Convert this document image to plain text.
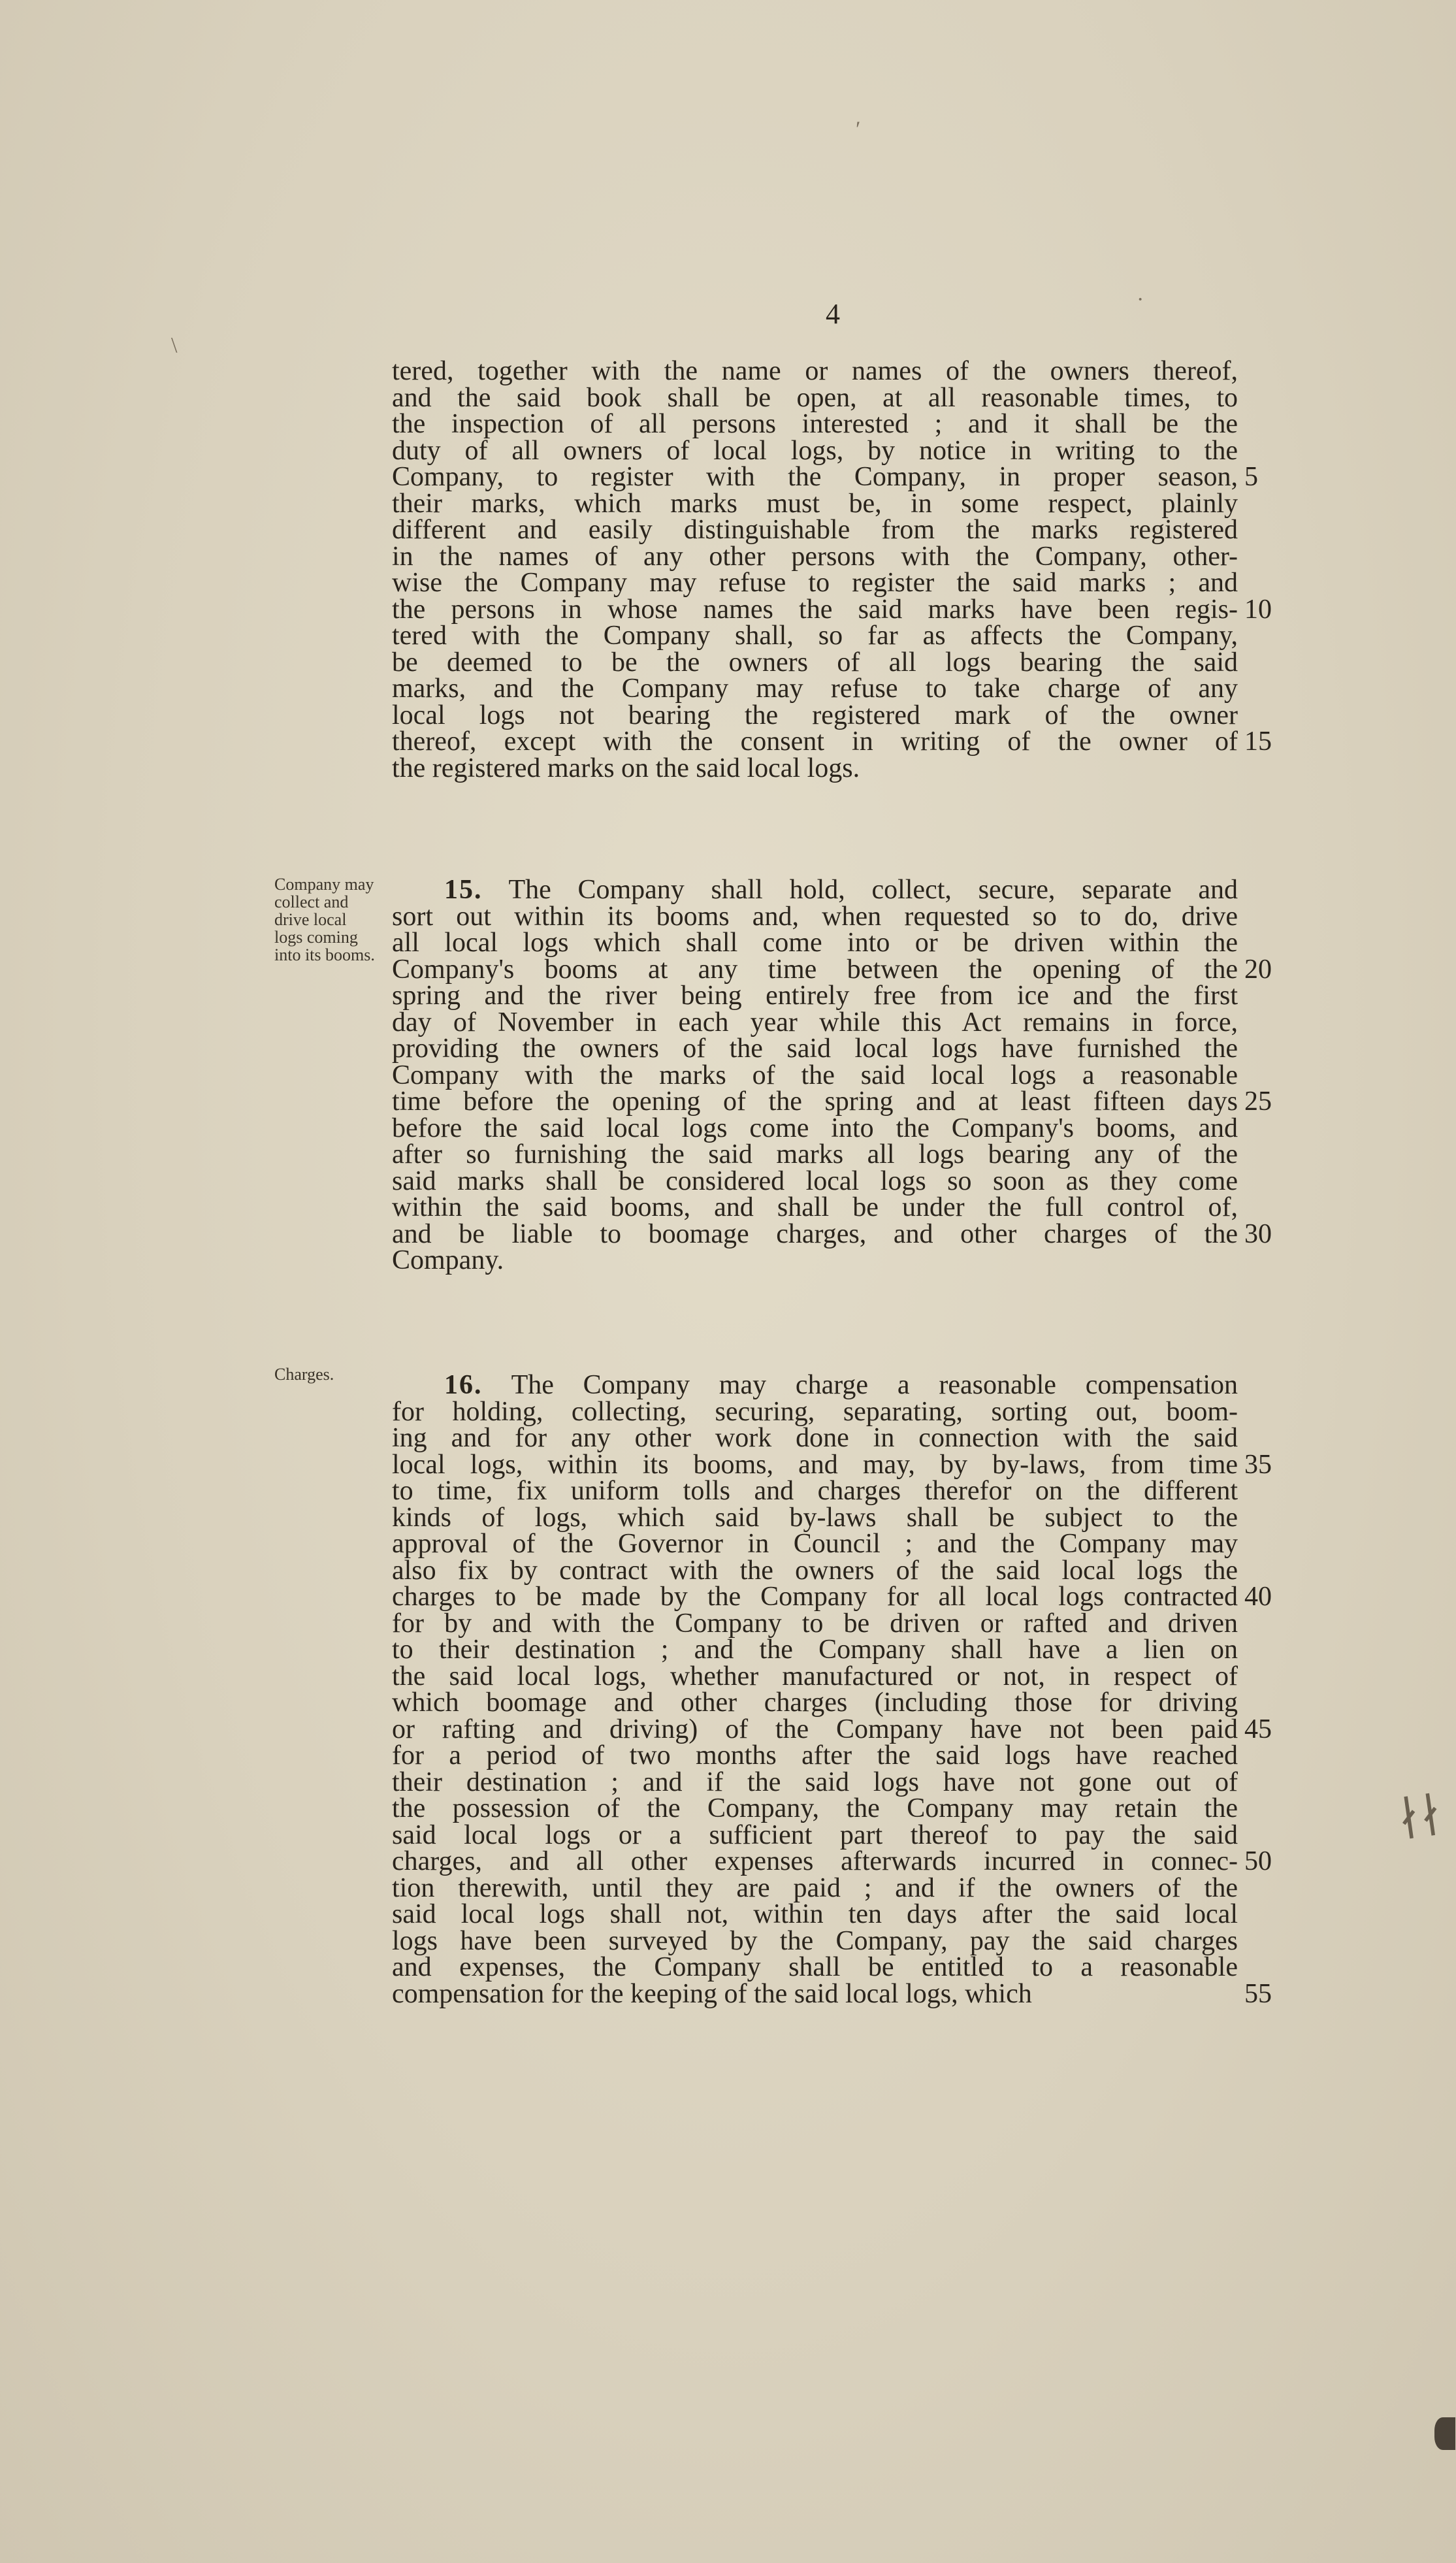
ʹ
\
·
4
tered, together with the name or names of the owners thereof,
and the said book shall be open, at all reasonable times, to
the inspection of all persons interested ; and it shall be the
duty of all owners of local logs, by notice in writing to the
Company, to register with the Company, in proper season, 5
their marks, which marks must be, in some respect, plainly
different and easily distinguishable from the marks registered
in the names of any other persons with the Company, other-
wise the Company may refuse to register the said marks ; and
the persons in whose names the said marks have been regis- 10
tered with the Company shall, so far as affects the Company,
be deemed to be the owners of all logs bearing the said
marks, and the Company may refuse to take charge of any
local logs not bearing the registered mark of the owner
thereof, except with the consent in writing of the owner of 15
the registered marks on the said local logs.
Company may
collect and
drive local
logs coming
into its booms.
15. The Company shall hold, collect, secure, separate and
sort out within its booms and, when requested so to do, drive
all local logs which shall come into or be driven within the
Company's booms at any time between the opening of the 20
spring and the river being entirely free from ice and the first
day of November in each year while this Act remains in force,
providing the owners of the said local logs have furnished the
Company with the marks of the said local logs a reasonable
time before the opening of the spring and at least fifteen days 25
before the said local logs come into the Company's booms, and
after so furnishing the said marks all logs bearing any of the
said marks shall be considered local logs so soon as they come
within the said booms, and shall be under the full control of,
and be liable to boomage charges, and other charges of the 30
Company.
Charges.	16. The Company may charge a reasonable compensation
for holding, collecting, securing, separating, sorting out, boom-
ing and for any other work done in connection with the said
local logs, within its booms, and may, by by-laws, from time 35
to time, fix uniform tolls and charges therefor on the different
kinds of logs, which said by-laws shall be subject to the
approval of the Governor in Council ; and the Company may
also fix by contract with the owners of the said local logs the
charges to be made by the Company for all local logs contracted 40
for by and with the Company to be driven or rafted and driven
to their destination ; and the Company shall have a lien on
the said local logs, whether manufactured or not, in respect of
which boomage and other charges (including those for driving
or rafting and driving) of the Company have not been paid 45
for a period of two months after the said logs have reached
their destination ; and if the said logs have not gone out of
the possession of the Company, the Company may retain the
said local logs or a sufficient part thereof to pay the said
charges, and all other expenses afterwards incurred in connec- 50
tion therewith, until they are paid ; and if the owners of the
said local logs shall not, within ten days after the said local
logs have been surveyed by the Company, pay the said charges
and expenses, the Company shall be entitled to a reasonable
compensation for the keeping of the said local logs, which	55
∤∤
